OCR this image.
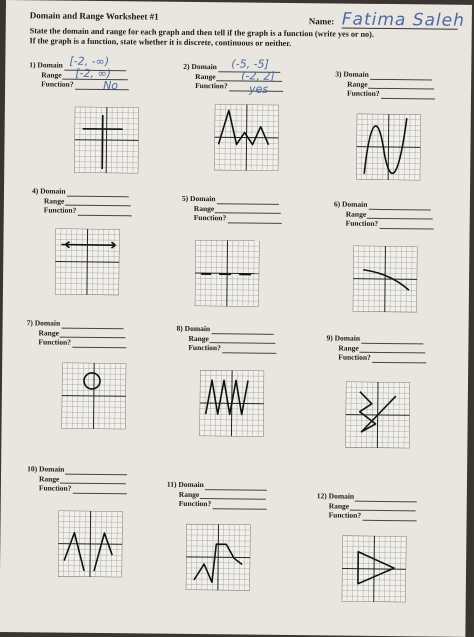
Domain and Range Worksheet #1	Name: Fatima Saleh
State the domain and range for each graph and then tell if the graph is a function (write yes or no).
If the graph is a function, state whether it is discrete, continuous or neither.
1)
Domain
Range
Function?
2)
Domain
Range
Function?
3)
Domain
Range
Function?
4)
Domain
Range
Function?
5)
Domain
Range
Function?
6)
Domain
Range
Function?
7)
Domain
Range
Function?
8)
Domain
Range
Function?
9)
Domain
Range
Function?
10)
Domain
Range
Function?	11)
Domain
Range
Function?
12)
Domain
Range
Function?
[-2, -∞)
[-2, ∞)
No
(-5, -5]
(-2, 2]
yes
